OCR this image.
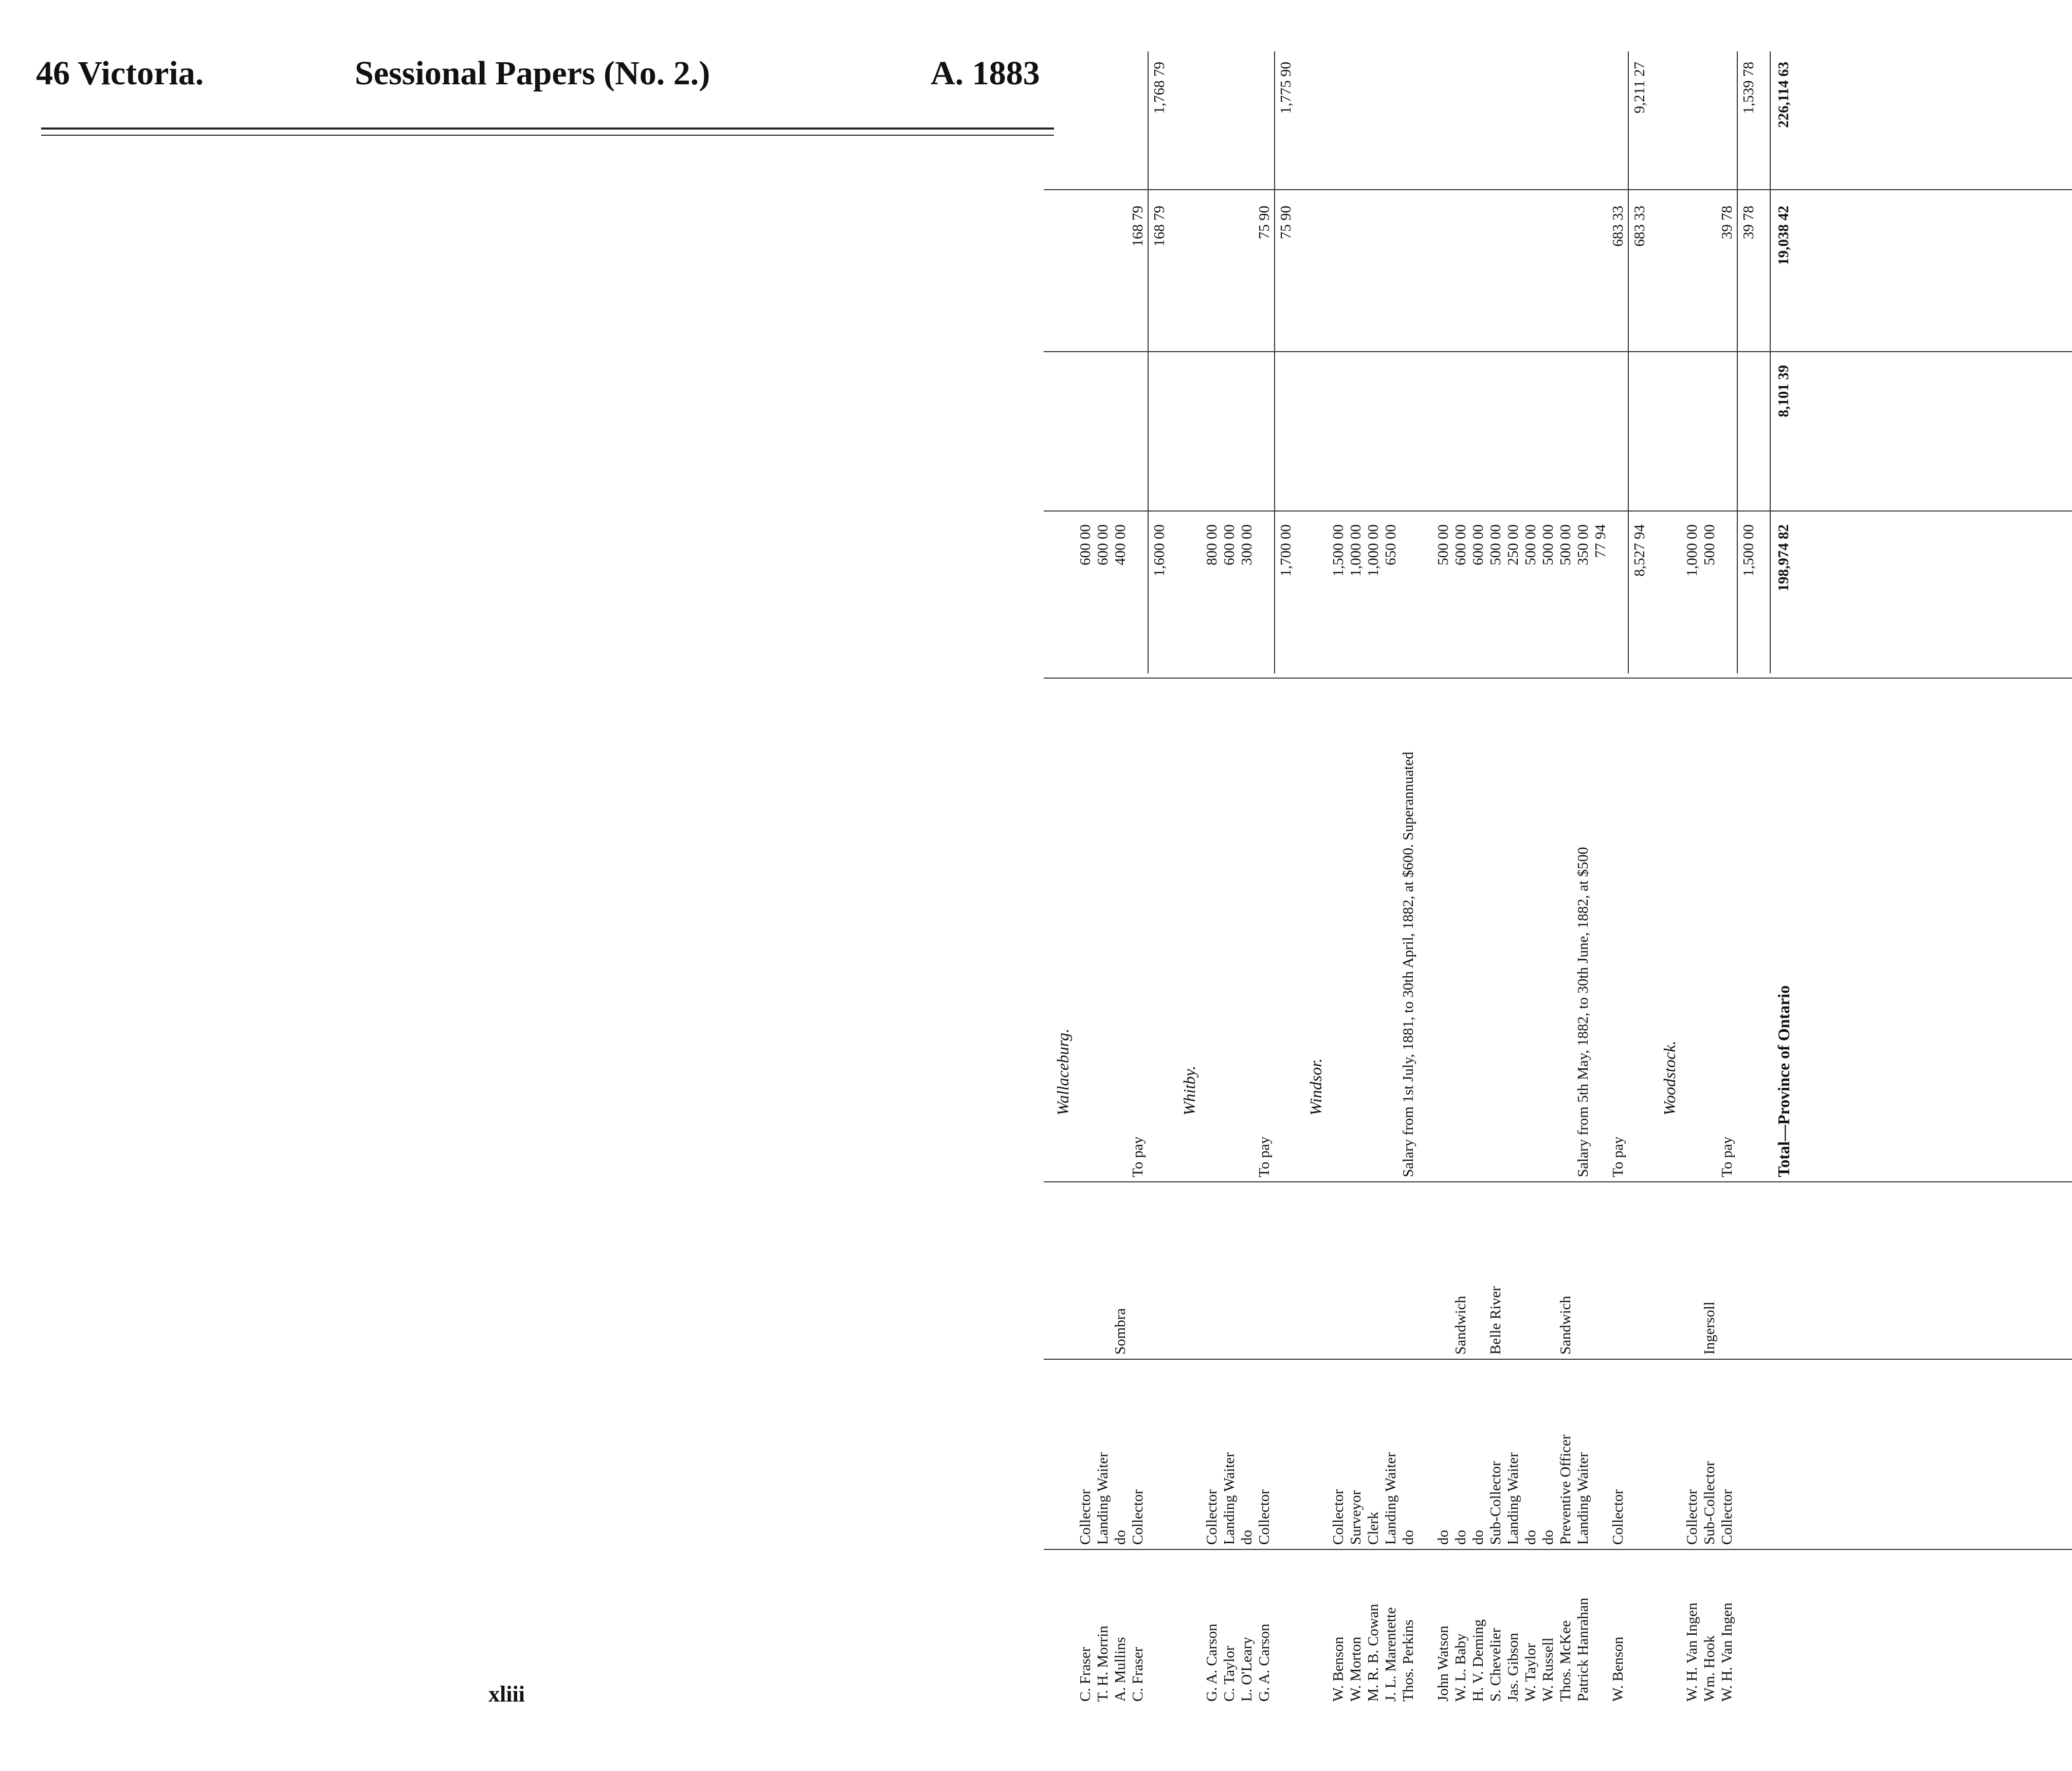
46 Victoria.	Sessional Papers (No. 2.)	A. 1883
Wallaceburg.
C. Fraser
Collector
600 00
T. H. Morrin
Landing Waiter
600 00
A. Mullins
do
Sombra
400 00
C. Fraser
Collector
To pay
168 79
1,600 00
168 79
1,768 79
Whitby.
G. A. Carson
Collector
800 00
C. Taylor
Landing Waiter
600 00
L. O'Leary
do
300 00
G. A. Carson
Collector
To pay
75 90
1,700 00
75 90
1,775 90
Windsor.
W. Benson
Collector
1,500 00
W. Morton
Surveyor
1,000 00
M. R. B. Cowan
Clerk
1,000 00
J. L. Marentette
Landing Waiter
650 00
Thos. Perkins
do
Salary from 1st July, 1881, to 30th April, 1882, at $600. Superannuated
John Watson
do
500 00
W. L. Baby
do
Sandwich
600 00
H. V. Deming
do
600 00
S. Chevelier
Sub-Collector
Belle River
500 00
Jas. Gibson
Landing Waiter
250 00
W. Taylor
do
500 00
W. Russell
do
500 00
Thos. McKee
Preventive Officer
Sandwich
500 00
Patrick Hanrahan
Landing Waiter
Salary from 5th May, 1882, to 30th June, 1882, at $500
350 00 77 94
W. Benson
Collector
To pay
683 33
8,527 94
683 33
9,211 27
Woodstock.
W. H. Van Ingen
Collector
1,000 00
Wm. Hook
Sub-Collector
Ingersoll
500 00
W. H. Van Ingen
Collector
To pay
39 78
1,500 00
39 78
1,539 78
Total—Province of Ontario
198,974 82
8,101 39
19,038 42
226,114 63
xliii
